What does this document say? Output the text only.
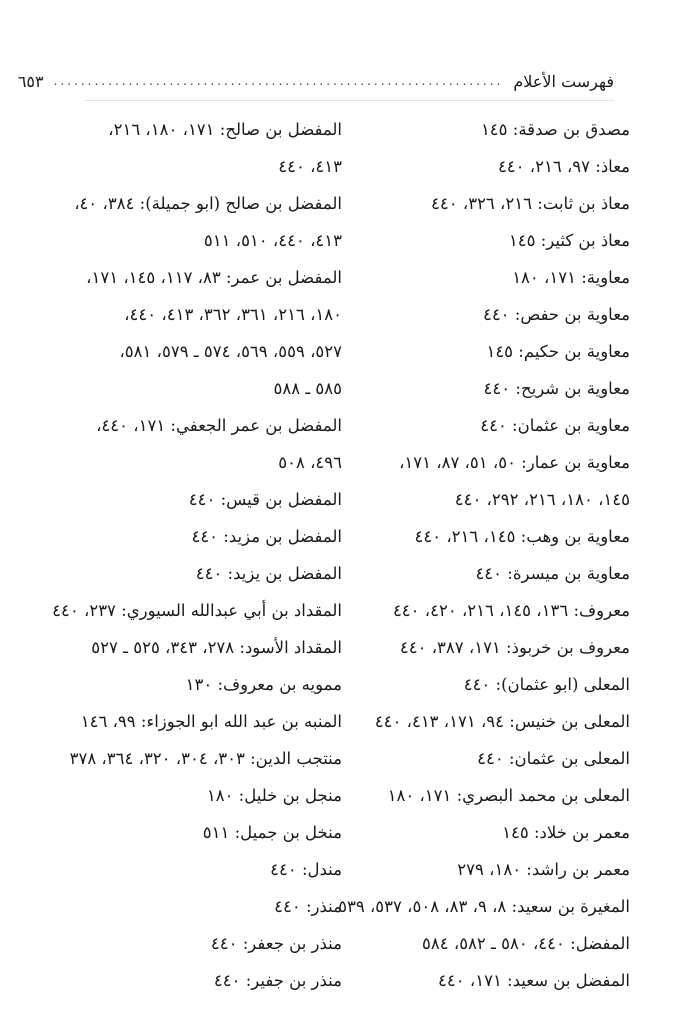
فهرست الأعلام
..................................................................
٦٥٣
مصدق بن صدقة: ١٤٥
معاذ: ٩٧، ٢١٦، ٤٤٠
معاذ بن ثابت: ٢١٦، ٣٢٦، ٤٤٠
معاذ بن كثير: ١٤٥
معاوية: ١٧١، ١٨٠
معاوية بن حفص: ٤٤٠
معاوية بن حكيم: ١٤٥
معاوية بن شريح: ٤٤٠
معاوية بن عثمان: ٤٤٠
معاوية بن عمار: ٥٠، ٥١، ٨٧، ١٧١،
١٤٥، ١٨٠، ٢١٦، ٢٩٢، ٤٤٠
معاوية بن وهب: ١٤٥، ٢١٦، ٤٤٠
معاوية بن ميسرة: ٤٤٠
معروف: ١٣٦، ١٤٥، ٢١٦، ٤٢٠، ٤٤٠
معروف بن خربوذ: ١٧١، ٣٨٧، ٤٤٠
المعلى (ابو عثمان): ٤٤٠
المعلى بن خنيس: ٩٤، ١٧١، ٤١٣، ٤٤٠
المعلى بن عثمان: ٤٤٠
المعلى بن محمد البصري: ١٧١، ١٨٠
معمر بن خلاد: ١٤٥
معمر بن راشد: ١٨٠، ٢٧٩
المغيرة بن سعيد: ٨، ٩، ٨٣، ٥٠٨، ٥٣٧، ٥٣٩
المفضل: ٤٤٠، ٥٨٠ ـ ٥٨٢، ٥٨٤
المفضل بن سعيد: ١٧١، ٤٤٠
المفضل بن صالح: ١٧١، ١٨٠، ٢١٦،
٤١٣، ٤٤٠
المفضل بن صالح (ابو جميلة): ٣٨٤، ٤٠،
٤١٣، ٤٤٠، ٥١٠، ٥١١
المفضل بن عمر: ٨٣، ١١٧، ١٤٥، ١٧١،
١٨٠، ٢١٦، ٣٦١، ٣٦٢، ٤١٣، ٤٤٠،
٥٢٧، ٥٥٩، ٥٦٩، ٥٧٤ ـ ٥٧٩، ٥٨١،
٥٨٥ ـ ٥٨٨
المفضل بن عمر الجعفي: ١٧١، ٤٤٠،
٤٩٦، ٥٠٨
المفضل بن قيس: ٤٤٠
المفضل بن مزيد: ٤٤٠
المفضل بن يزيد: ٤٤٠
المقداد بن أبي عبدالله السيوري: ٢٣٧، ٤٤٠
المقداد الأسود: ٢٧٨، ٣٤٣، ٥٢٥ ـ ٥٢٧
ممويه بن معروف: ١٣٠
المنبه بن عبد الله ابو الجوزاء: ٩٩، ١٤٦
منتجب الدين: ٣٠٣، ٣٠٤، ٣٢٠، ٣٦٤، ٣٧٨
منجل بن خليل: ١٨٠
منخل بن جميل: ٥١١
مندل: ٤٤٠
منذر: ٤٤٠
منذر بن جعفر: ٤٤٠
منذر بن جفير: ٤٤٠
